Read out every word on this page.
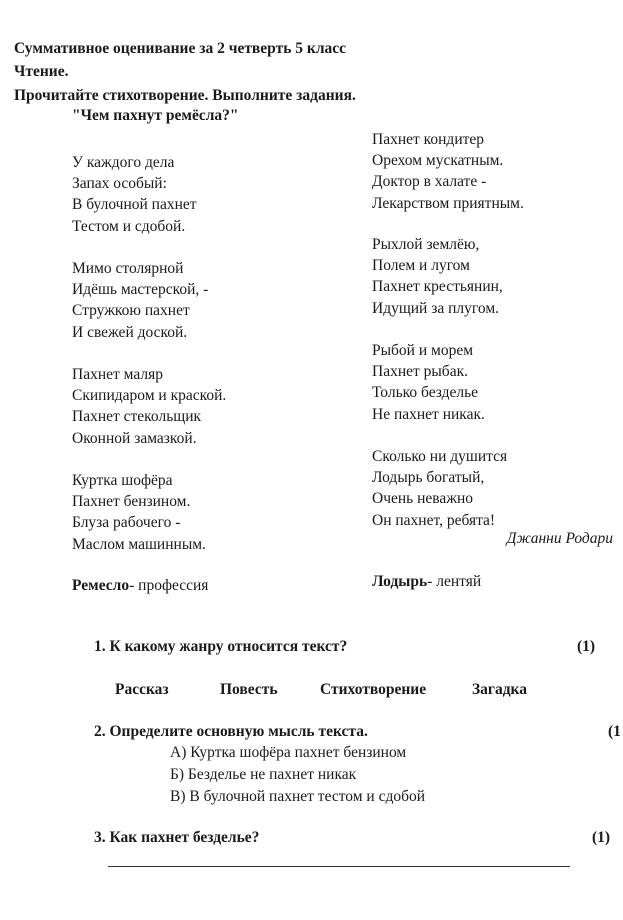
Суммативное оценивание за 2 четверть 5 класс
Чтение.
Прочитайте стихотворение. Выполните задания.
"Чем пахнут ремёсла?"
У каждого дела
Запах особый:
В булочной пахнет
Тестом и сдобой.
Мимо столярной
Идёшь мастерской, -
Стружкою пахнет
И свежей доской.
Пахнет маляр
Скипидаром и краской.
Пахнет стекольщик
Оконной замазкой.
Куртка шофёра
Пахнет бензином.
Блуза рабочего -
Маслом машинным.
Пахнет кондитер
Орехом мускатным.
Доктор в халате -
Лекарством приятным.
Рыхлой землёю,
Полем и лугом
Пахнет крестьянин,
Идущий за плугом.
Рыбой и морем
Пахнет рыбак.
Только безделье
Не пахнет никак.
Сколько ни душится
Лодырь богатый,
Очень неважно
Он пахнет, ребята!
Джанни Родари
Ремесло- профессия	Лодырь- лентяй
1. К какому жанру относится текст?	(1)
Рассказ	Повесть	Стихотворение	Загадка
2. Определите основную мысль текста.	(1
А) Куртка шофёра пахнет бензином
Б) Безделье не пахнет никак
В) В булочной пахнет тестом и сдобой
3. Как пахнет безделье?	(1)
